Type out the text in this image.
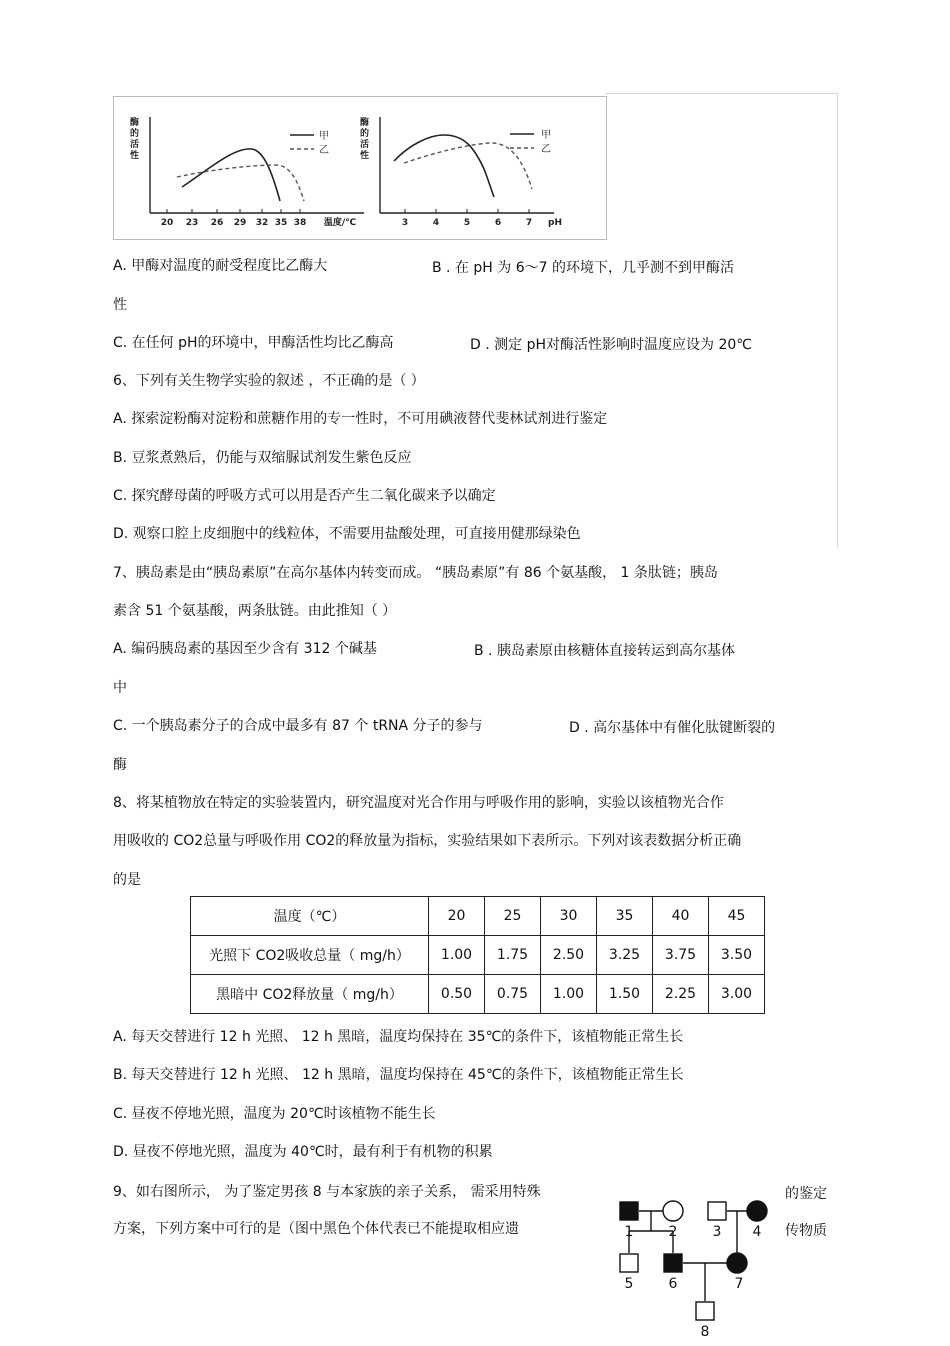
酶
的
活
性
20 23 26 29 32 35 38 温度/℃
甲
乙
酶
的
活
性
3	4	5	6	7 pH
甲
乙
A. 甲酶对温度的耐受程度比乙酶大	B . 在 pH 为 6～7 的环境下，几乎测不到甲酶活
性
C. 在任何 pH的环境中，甲酶活性均比乙酶高	D . 测定 pH对酶活性影响时温度应设为 20℃
6、下列有关生物学实验的叙述 ，不正确的是（ ）
A. 探索淀粉酶对淀粉和蔗糖作用的专一性时，不可用碘液替代斐林试剂进行鉴定
B. 豆浆煮熟后，仍能与双缩脲试剂发生紫色反应
C. 探究酵母菌的呼吸方式可以用是否产生二氧化碳来予以确定
D. 观察口腔上皮细胞中的线粒体，不需要用盐酸处理，可直接用健那绿染色
7、胰岛素是由“胰岛素原”在高尔基体内转变而成。 “胰岛素原”有 86 个氨基酸， 1 条肽链；胰岛
素含 51 个氨基酸，两条肽链。由此推知（ ）
A. 编码胰岛素的基因至少含有 312 个碱基	B . 胰岛素原由核糖体直接转运到高尔基体
中
C. 一个胰岛素分子的合成中最多有 87 个 tRNA 分子的参与	D . 高尔基体中有催化肽键断裂的
酶
8、将某植物放在特定的实验装置内，研究温度对光合作用与呼吸作用的影响，实验以该植物光合作
用吸收的 CO2总量与呼吸作用 CO2的释放量为指标，实验结果如下表所示。下列对该表数据分析正确
的是
温度（℃）	20	25	30	35	40	45
光照下 CO2吸收总量（ mg/h）	1.00	1.75	2.50	3.25	3.75	3.50
黑暗中 CO2释放量（ mg/h）	0.50	0.75	1.00	1.50	2.25	3.00
A. 每天交替进行 12 h 光照、 12 h 黑暗，温度均保持在 35℃的条件下，该植物能正常生长
B. 每天交替进行 12 h 光照、 12 h 黑暗，温度均保持在 45℃的条件下，该植物能正常生长
C. 昼夜不停地光照，温度为 20℃时该植物不能生长
D. 昼夜不停地光照，温度为 40℃时，最有利于有机物的积累
9、如右图所示， 为了鉴定男孩 8 与本家族的亲子关系， 需采用特殊	的鉴定
方案，下列方案中可行的是（图中黑色个体代表已不能提取相应遗	传物质
1	2	3 4
5	6	7
8
